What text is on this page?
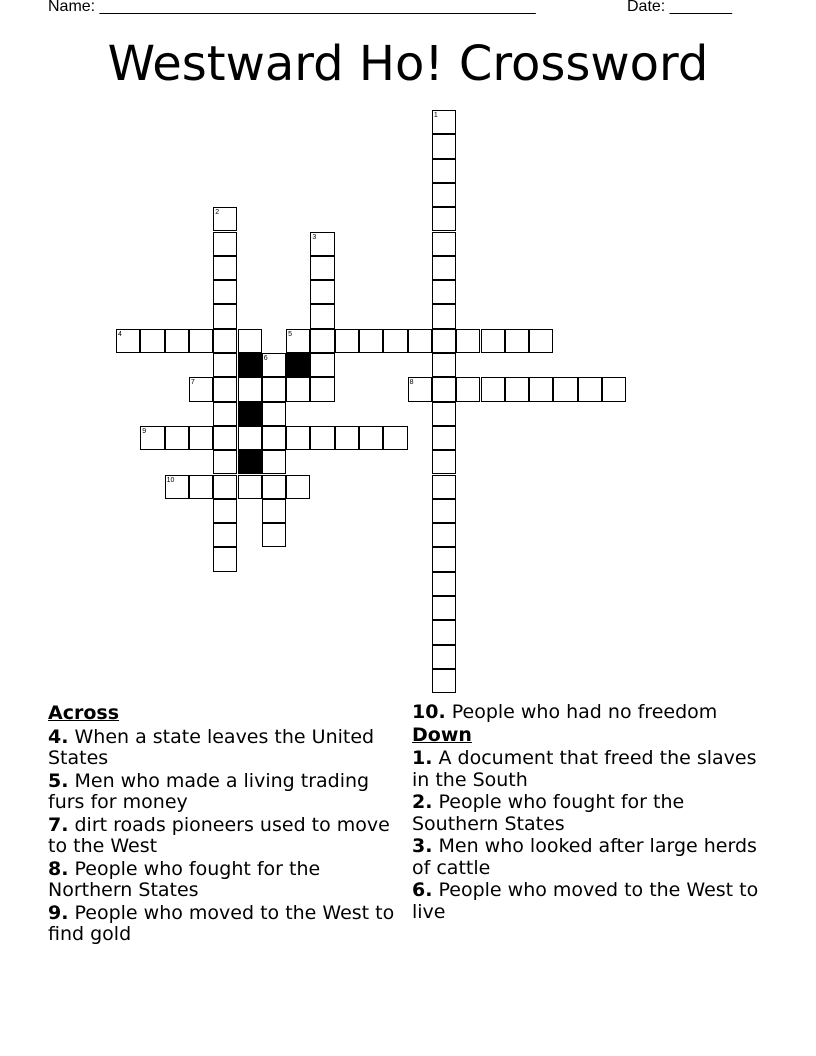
Name: _________________________________________________	Date: _______
Westward Ho! Crossword
1
2
3
4	5
6
7	8
9
10
Across
4. When a state leaves the United States
5. Men who made a living trading furs for money
7. dirt roads pioneers used to move to the West
8. People who fought for the Northern States
9. People who moved to the West to find gold
10. People who had no freedom
Down
1. A document that freed the slaves in the South
2. People who fought for the Southern States
3. Men who looked after large herds of cattle
6. People who moved to the West to live
